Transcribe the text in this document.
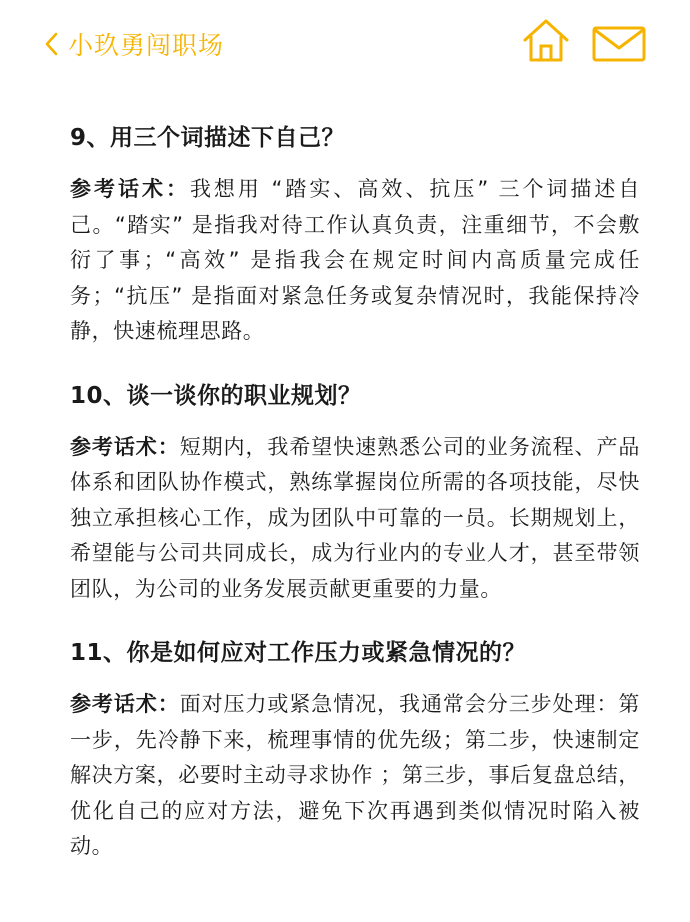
小玖勇闯职场

9、用三个词描述下自己？

参考话术：我想用 “踏实、高效、抗压” 三个词描述自己。“踏实” 是指我对待工作认真负责，注重细节，不会敷衍了事；“高效” 是指我会在规定时间内高质量完成任务；“抗压” 是指面对紧急任务或复杂情况时，我能保持冷静，快速梳理思路。

10、谈一谈你的职业规划？

参考话术：短期内，我希望快速熟悉公司的业务流程、产品体系和团队协作模式，熟练掌握岗位所需的各项技能，尽快独立承担核心工作，成为团队中可靠的一员。长期规划上，希望能与公司共同成长，成为行业内的专业人才，甚至带领团队，为公司的业务发展贡献更重要的力量。

11、你是如何应对工作压力或紧急情况的？

参考话术：面对压力或紧急情况，我通常会分三步处理：第一步，先冷静下来，梳理事情的优先级；第二步，快速制定解决方案，必要时主动寻求协作 ；第三步，事后复盘总结，优化自己的应对方法，避免下次再遇到类似情况时陷入被动。
